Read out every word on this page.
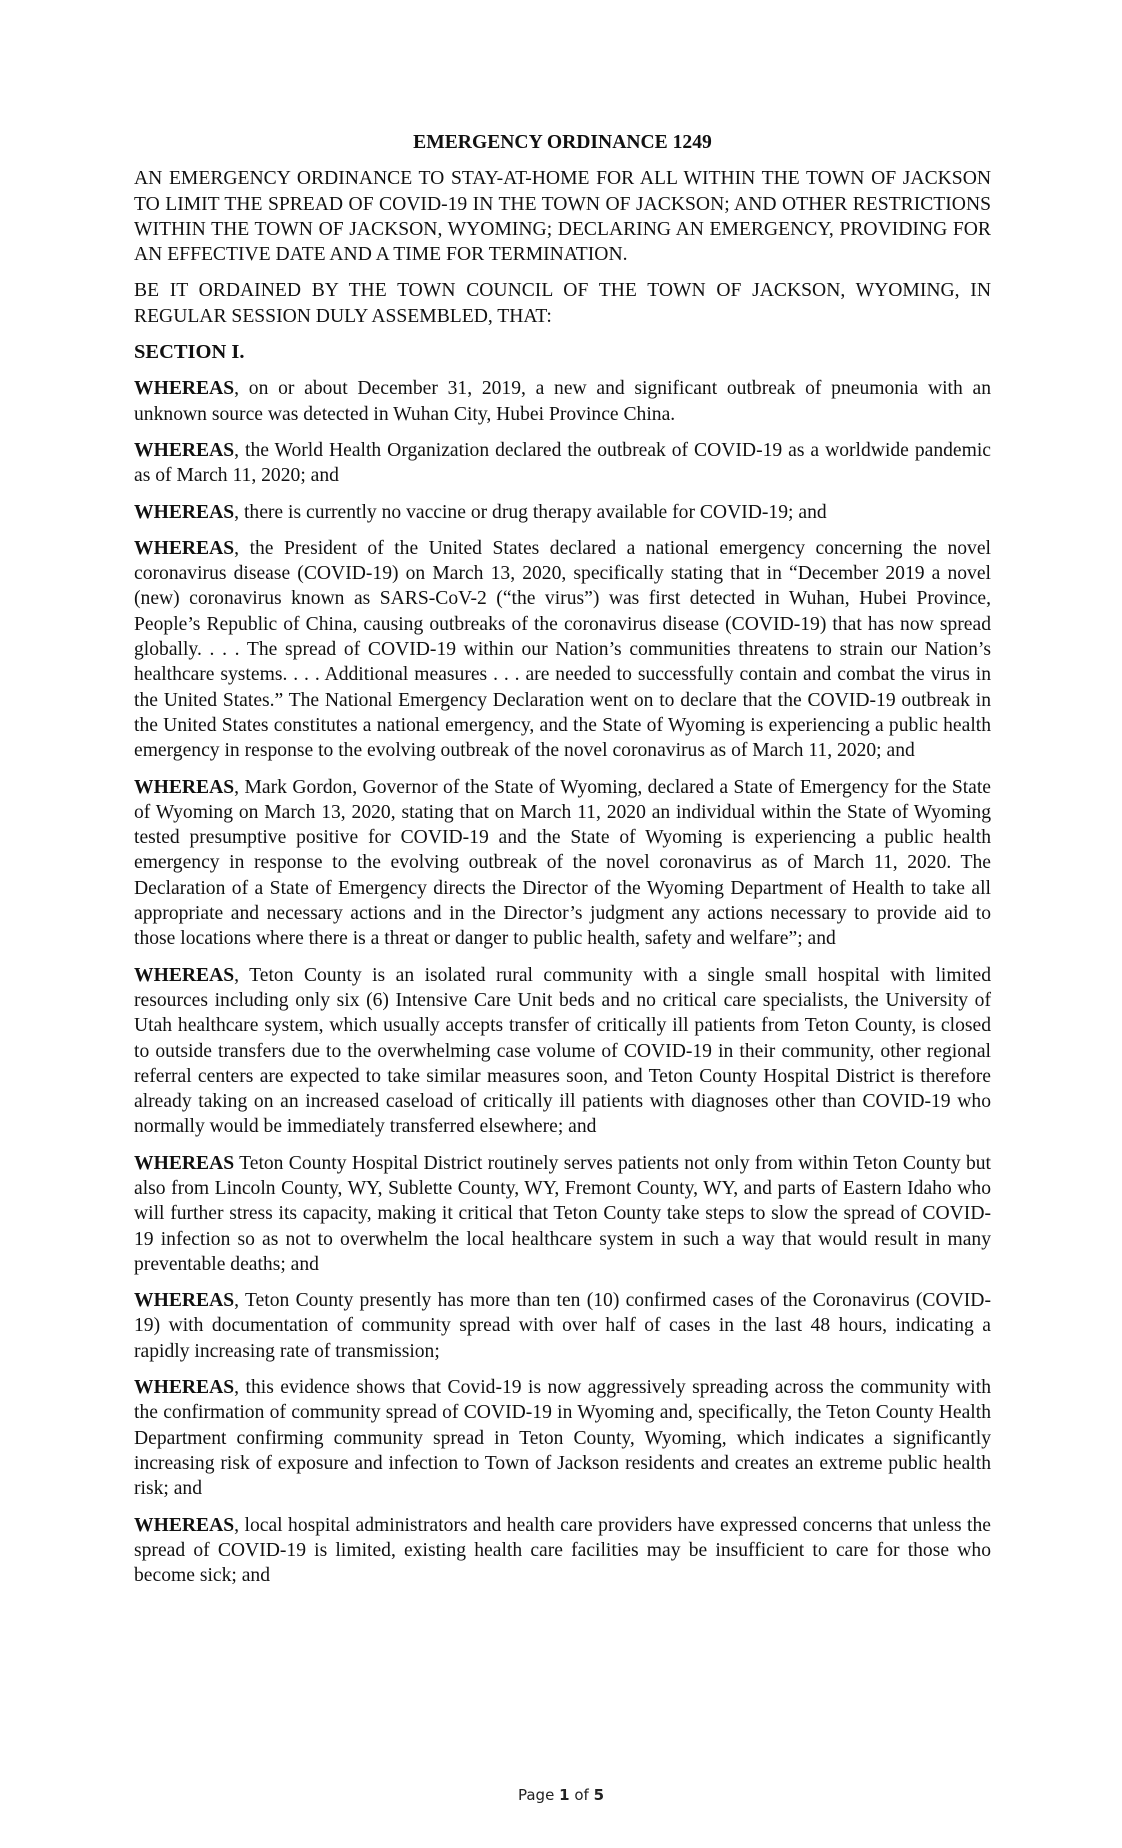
EMERGENCY ORDINANCE 1249
AN EMERGENCY ORDINANCE TO STAY-AT-HOME FOR ALL WITHIN THE TOWN OF JACKSON TO LIMIT THE SPREAD OF COVID-19 IN THE TOWN OF JACKSON; AND OTHER RESTRICTIONS WITHIN THE TOWN OF JACKSON, WYOMING; DECLARING AN EMERGENCY, PROVIDING FOR AN EFFECTIVE DATE AND A TIME FOR TERMINATION.
BE IT ORDAINED BY THE TOWN COUNCIL OF THE TOWN OF JACKSON, WYOMING, IN REGULAR SESSION DULY ASSEMBLED, THAT:
SECTION I.
WHEREAS, on or about December 31, 2019, a new and significant outbreak of pneumonia with an unknown source was detected in Wuhan City, Hubei Province China.
WHEREAS, the World Health Organization declared the outbreak of COVID-19 as a worldwide pandemic as of March 11, 2020; and
WHEREAS, there is currently no vaccine or drug therapy available for COVID-19; and
WHEREAS, the President of the United States declared a national emergency concerning the novel coronavirus disease (COVID-19) on March 13, 2020, specifically stating that in “December 2019 a novel (new) coronavirus known as SARS-CoV-2 (“the virus”) was first detected in Wuhan, Hubei Province, People’s Republic of China, causing outbreaks of the coronavirus disease (COVID-19) that has now spread globally. . . . The spread of COVID-19 within our Nation’s communities threatens to strain our Nation’s healthcare systems. . . . Additional measures . . . are needed to successfully contain and combat the virus in the United States.” The National Emergency Declaration went on to declare that the COVID-19 outbreak in the United States constitutes a national emergency, and the State of Wyoming is experiencing a public health emergency in response to the evolving outbreak of the novel coronavirus as of March 11, 2020; and
WHEREAS, Mark Gordon, Governor of the State of Wyoming, declared a State of Emergency for the State of Wyoming on March 13, 2020, stating that on March 11, 2020 an individual within the State of Wyoming tested presumptive positive for COVID-19 and the State of Wyoming is experiencing a public health emergency in response to the evolving outbreak of the novel coronavirus as of March 11, 2020. The Declaration of a State of Emergency directs the Director of the Wyoming Department of Health to take all appropriate and necessary actions and in the Director’s judgment any actions necessary to provide aid to those locations where there is a threat or danger to public health, safety and welfare”; and
WHEREAS, Teton County is an isolated rural community with a single small hospital with limited resources including only six (6) Intensive Care Unit beds and no critical care specialists, the University of Utah healthcare system, which usually accepts transfer of critically ill patients from Teton County, is closed to outside transfers due to the overwhelming case volume of COVID-19 in their community, other regional referral centers are expected to take similar measures soon, and Teton County Hospital District is therefore already taking on an increased caseload of critically ill patients with diagnoses other than COVID-19 who normally would be immediately transferred elsewhere; and
WHEREAS Teton County Hospital District routinely serves patients not only from within Teton County but also from Lincoln County, WY, Sublette County, WY, Fremont County, WY, and parts of Eastern Idaho who will further stress its capacity, making it critical that Teton County take steps to slow the spread of COVID-19 infection so as not to overwhelm the local healthcare system in such a way that would result in many preventable deaths; and
WHEREAS, Teton County presently has more than ten (10) confirmed cases of the Coronavirus (COVID-19) with documentation of community spread with over half of cases in the last 48 hours, indicating a rapidly increasing rate of transmission;
WHEREAS, this evidence shows that Covid-19 is now aggressively spreading across the community with the confirmation of community spread of COVID-19 in Wyoming and, specifically, the Teton County Health Department confirming community spread in Teton County, Wyoming, which indicates a significantly increasing risk of exposure and infection to Town of Jackson residents and creates an extreme public health risk; and
WHEREAS, local hospital administrators and health care providers have expressed concerns that unless the spread of COVID-19 is limited, existing health care facilities may be insufficient to care for those who become sick; and
Page 1 of 5
